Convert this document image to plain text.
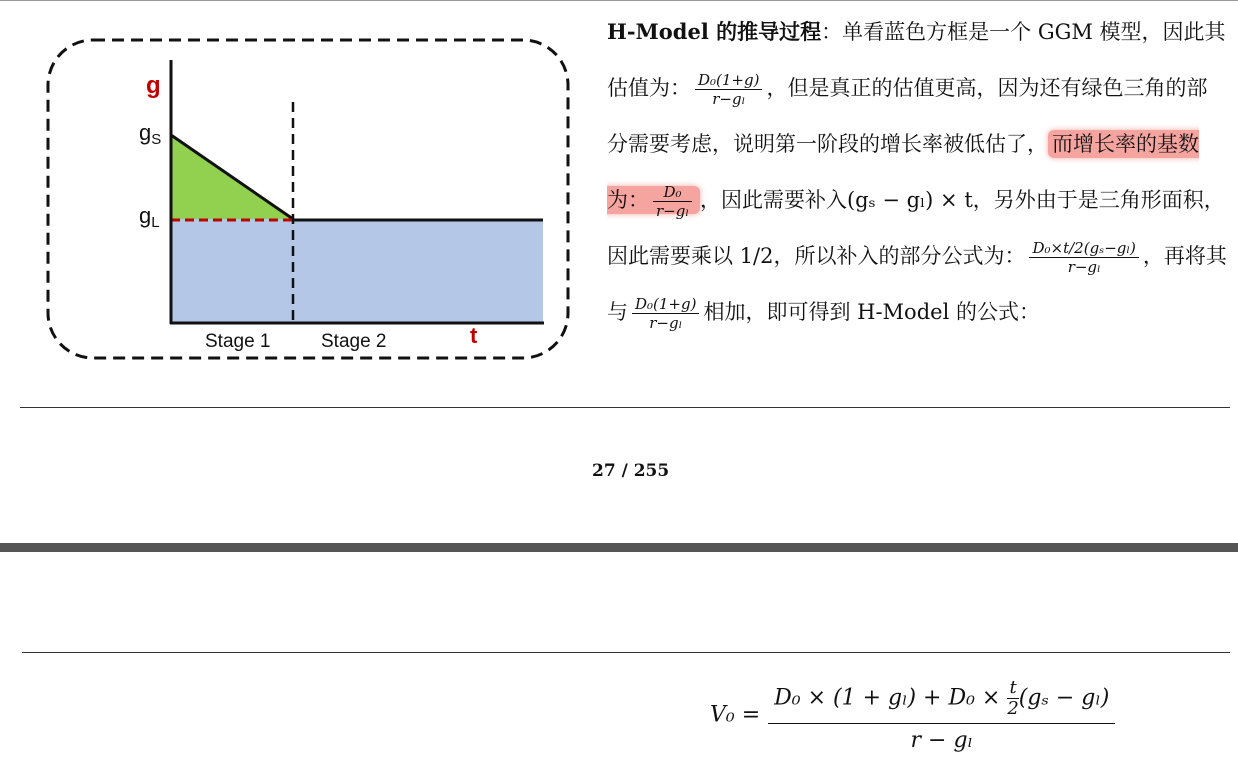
g
gS
gL
Stage 1	Stage 2	t
H-Model 的推导过程：单看蓝色方框是一个 GGM 模型，因此其估值为： $\frac{\text{D₀(1+g)}}{\text{r−gₗ}}$ ，但是真正的估值更高，因为还有绿色三角的部分需要考虑，说明第一阶段的增长率被低估了， 而增长率的基数为： $\frac{\text{D₀}}{\text{r−gₗ}}$ ，因此需要补入(gₛ − gₗ) × t，另外由于是三角形面积，因此需要乘以 1/2，所以补入的部分公式为： $\frac{\text{D₀×t/2(gₛ−gₗ)}}{\text{r−gₗ}}$ ，再将其与 $\frac{\text{D₀(1+g)}}{\text{r−gₗ}}$ 相加，即可得到 H-Model 的公式：
27 / 255
$V_0 = \frac{D_0 \times (1 + g_l) + D_0 \times \frac{t}{2} (g_s - g_l)}{\text{r − gₗ}}$
